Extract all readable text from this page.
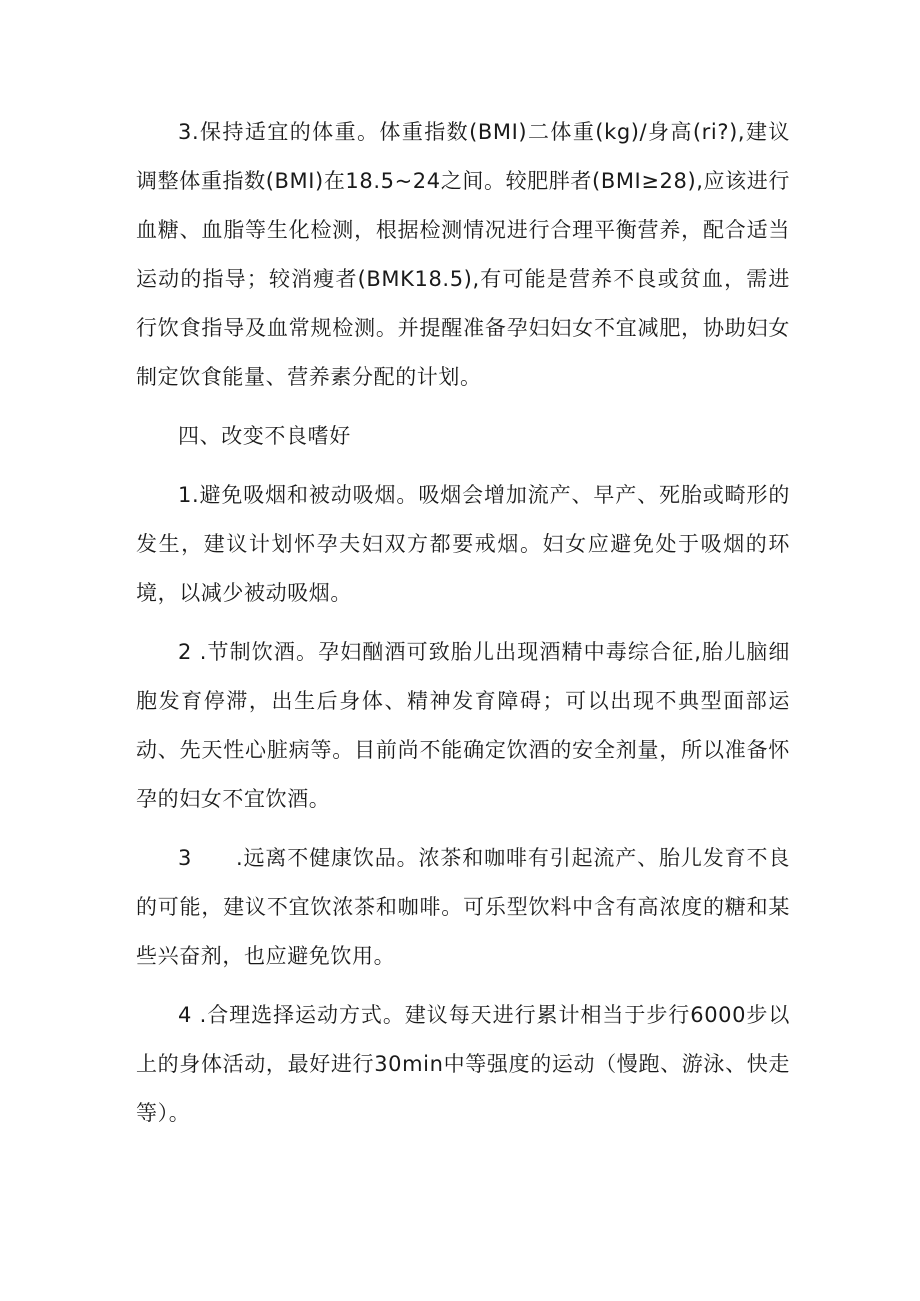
3.保持适宜的体重。体重指数(BMI)二体重(kg)/身高(ri?),建议调整体重指数(BMI)在18.5~24之间。较肥胖者(BMI≥28),应该进行血糖、血脂等生化检测，根据检测情况进行合理平衡营养，配合适当运动的指导；较消瘦者(BMK18.5),有可能是营养不良或贫血，需进行饮食指导及血常规检测。并提醒准备孕妇妇女不宜减肥，协助妇女制定饮食能量、营养素分配的计划。

四、改变不良嗜好

1.避免吸烟和被动吸烟。吸烟会增加流产、早产、死胎或畸形的发生，建议计划怀孕夫妇双方都要戒烟。妇女应避免处于吸烟的环境，以减少被动吸烟。

2 .节制饮酒。孕妇酗酒可致胎儿出现酒精中毒综合征,胎儿脑细胞发育停滞，出生后身体、精神发育障碍；可以出现不典型面部运动、先天性心脏病等。目前尚不能确定饮酒的安全剂量，所以准备怀孕的妇女不宜饮酒。

3　　.远离不健康饮品。浓茶和咖啡有引起流产、胎儿发育不良的可能，建议不宜饮浓茶和咖啡。可乐型饮料中含有高浓度的糖和某些兴奋剂，也应避免饮用。

4 .合理选择运动方式。建议每天进行累计相当于步行6000步以上的身体活动，最好进行30min中等强度的运动（慢跑、游泳、快走等）。
